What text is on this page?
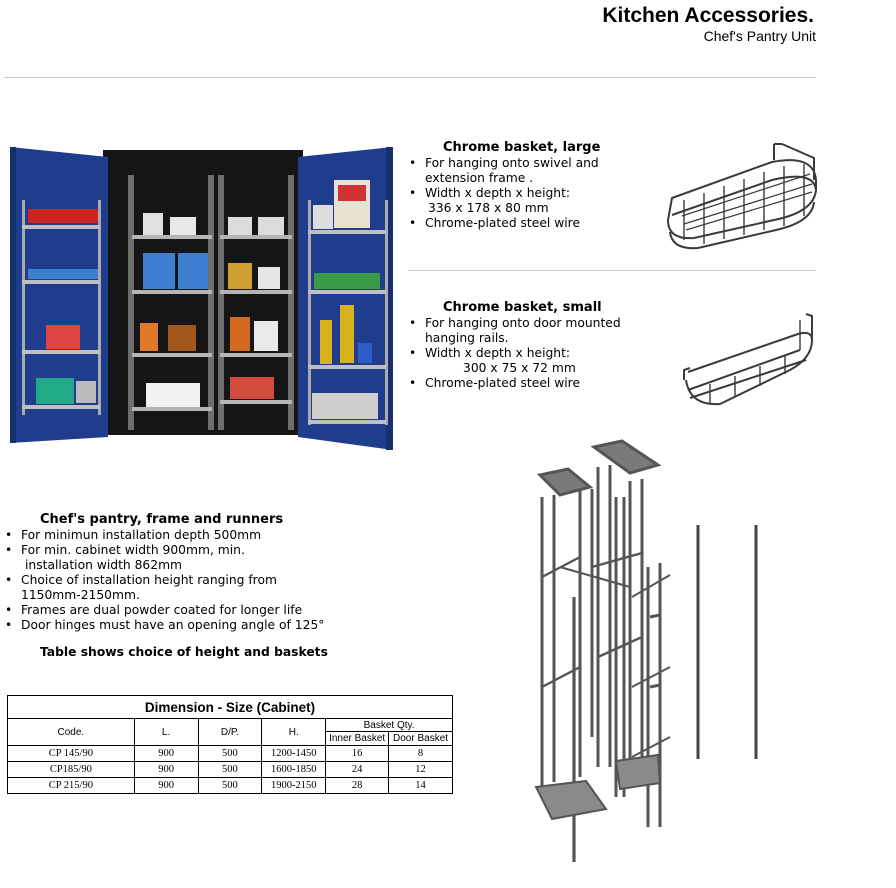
Kitchen Accessories.
Chef's Pantry Unit
Chrome basket, large
• For hanging onto swivel and
extension frame .
• Width x depth x height:
336 x 178 x 80 mm
• Chrome-plated steel wire
Chrome basket, small
• For hanging onto door mounted
hanging rails.
• Width x depth x height:
300 x 75 x 72 mm
• Chrome-plated steel wire
Chef's pantry, frame and runners
• For minimun installation depth 500mm
• For min. cabinet width 900mm, min.
installation width 862mm
• Choice of installation height ranging from
1150mm-2150mm.
• Frames are dual powder coated for longer life
• Door hinges must have an opening angle of 125°
Table shows choice of height and baskets
Dimension - Size (Cabinet)					
Code.	L.	D/P.	H.	Basket Qty.	
				Inner Basket	Door Basket
CP 145/90	900	500	1200-1450	16	8
CP185/90	900	500	1600-1850	24	12
CP 215/90	900	500	1900-2150	28	14
